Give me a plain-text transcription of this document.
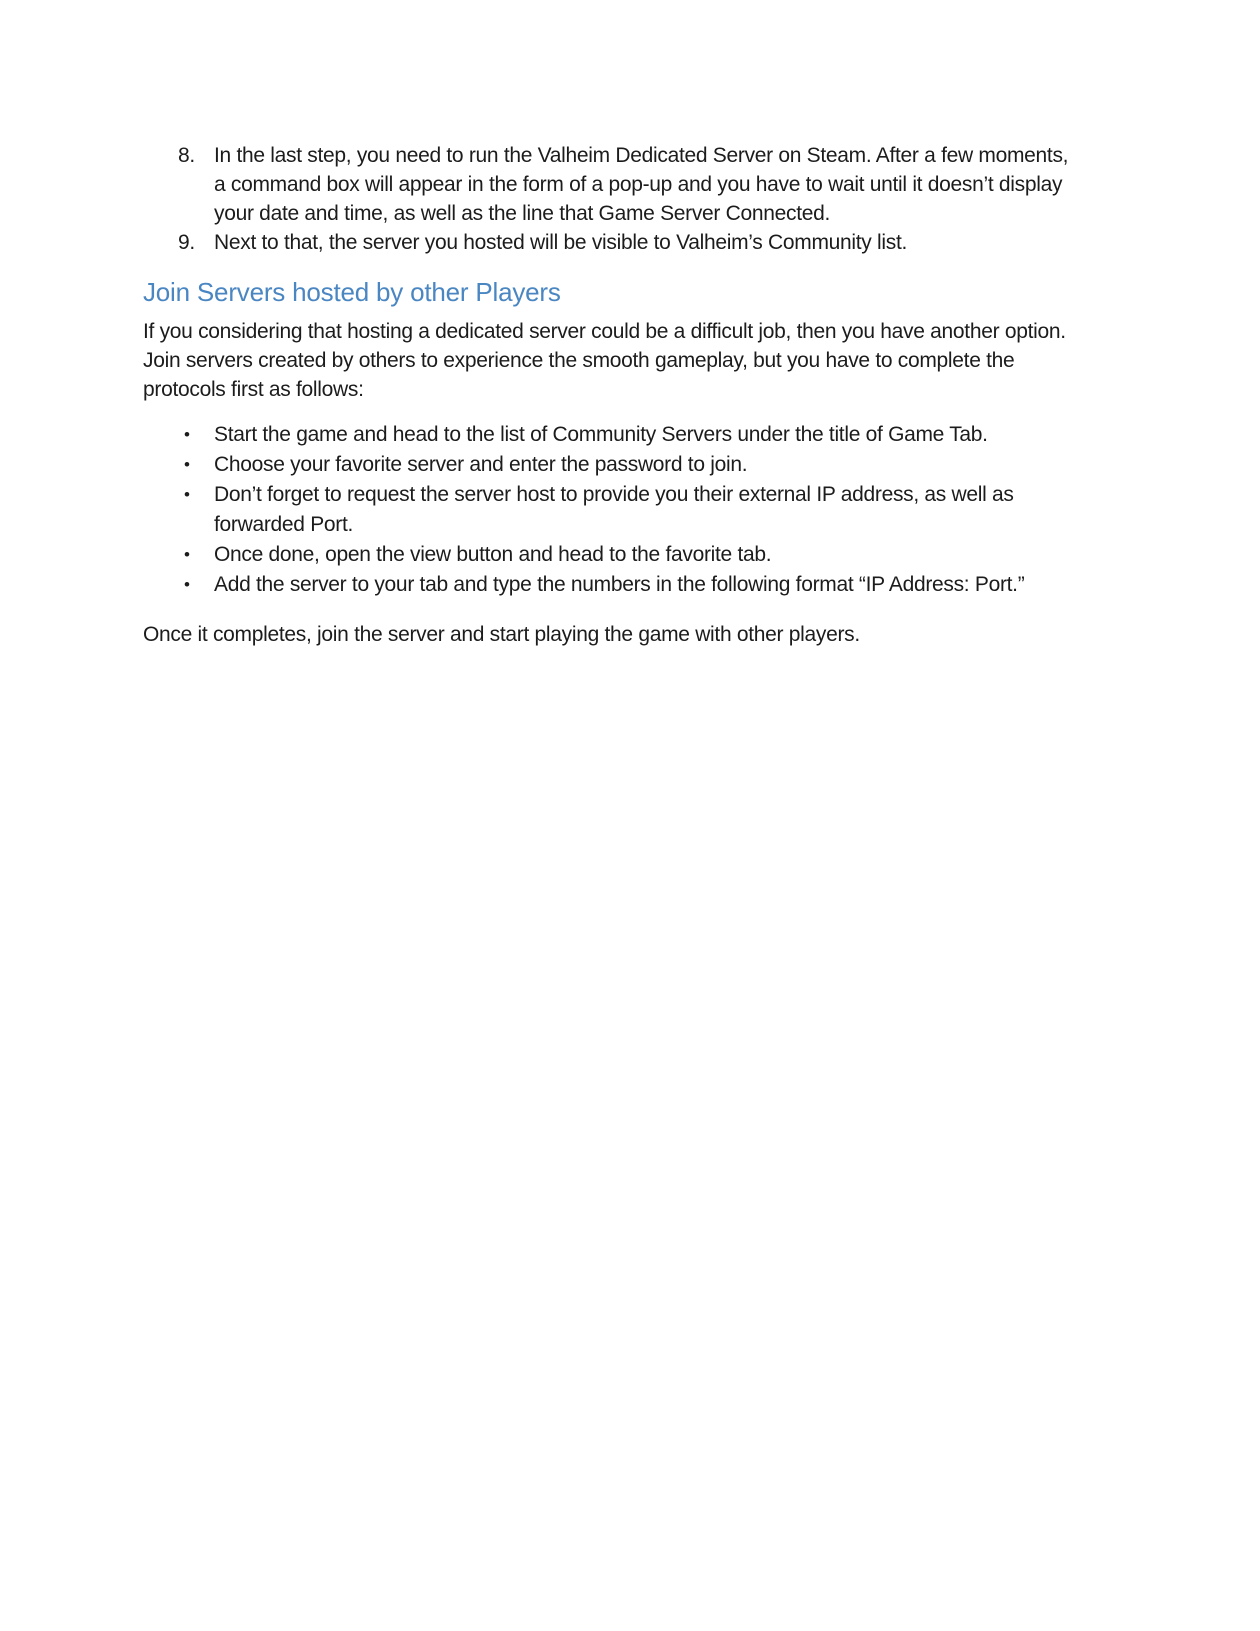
8. In the last step, you need to run the Valheim Dedicated Server on Steam. After a few moments,
a command box will appear in the form of a pop-up and you have to wait until it doesn’t display
your date and time, as well as the line that Game Server Connected.
9. Next to that, the server you hosted will be visible to Valheim’s Community list.
Join Servers hosted by other Players
If you considering that hosting a dedicated server could be a difficult job, then you have another option.
Join servers created by others to experience the smooth gameplay, but you have to complete the
protocols first as follows:
•	Start the game and head to the list of Community Servers under the title of Game Tab.
•	Choose your favorite server and enter the password to join.
•	Don’t forget to request the server host to provide you their external IP address, as well as
forwarded Port.
•	Once done, open the view button and head to the favorite tab.
•	Add the server to your tab and type the numbers in the following format “IP Address: Port.”
Once it completes, join the server and start playing the game with other players.
